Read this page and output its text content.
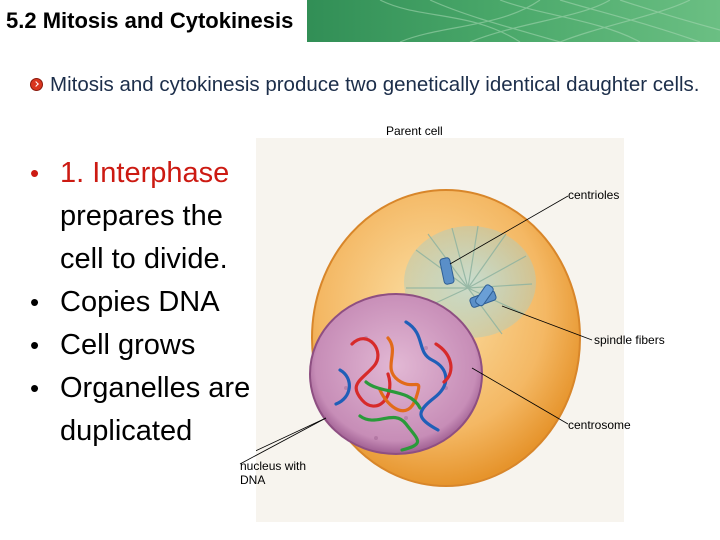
5.2 Mitosis and Cytokinesis
Mitosis and cytokinesis produce two genetically identical daughter cells.
• 1. Interphase
prepares the
cell to divide.
• Copies DNA
• Cell grows
• Organelles are
duplicated
Parent cell
centrioles
spindle fibers
centrosome
nucleus with
DNA
